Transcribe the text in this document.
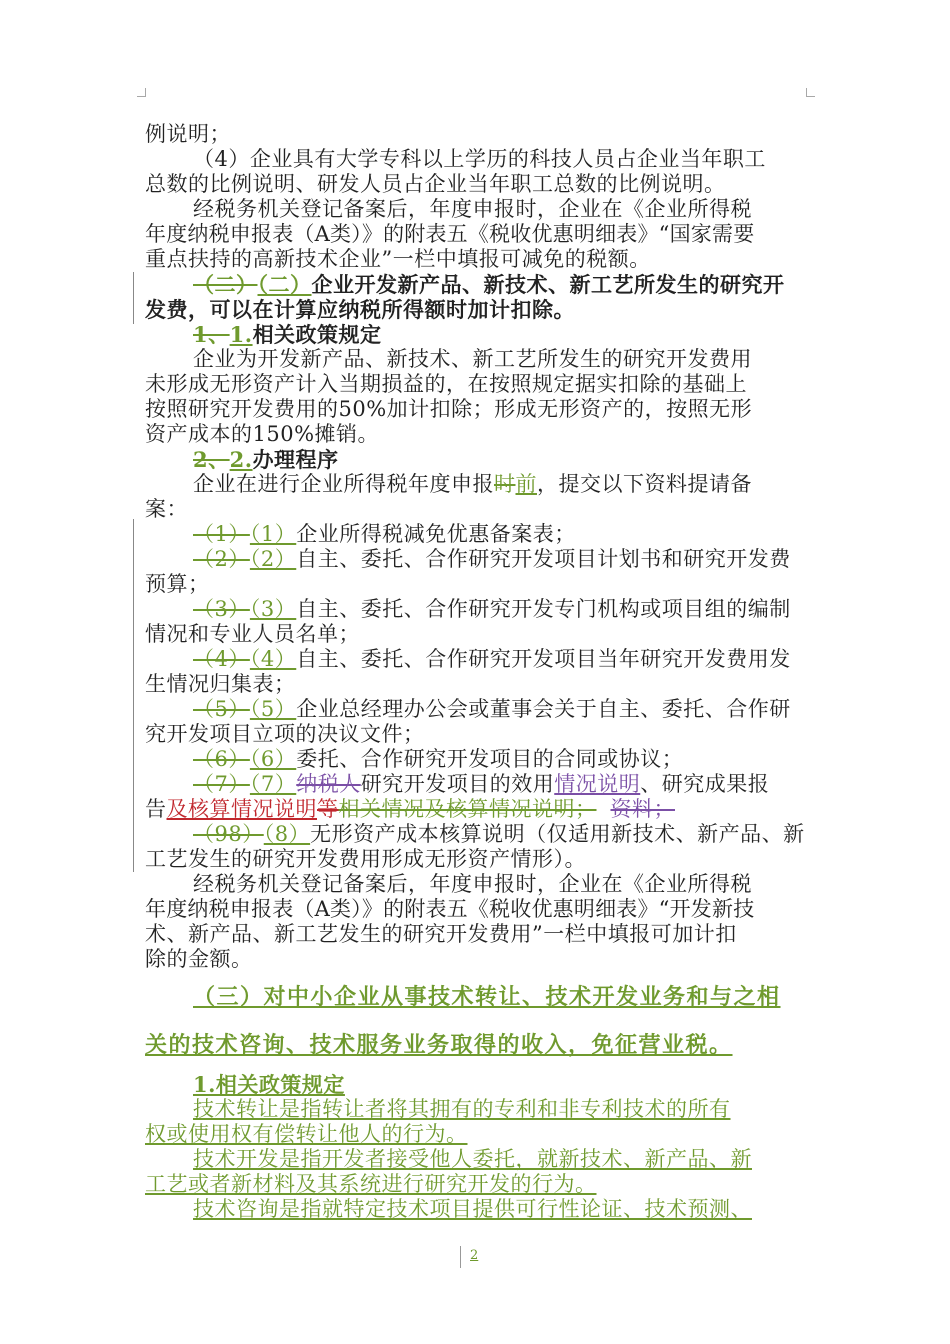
例说明；
（4）企业具有大学专科以上学历的科技人员占企业当年职工
总数的比例说明、研发人员占企业当年职工总数的比例说明。
经税务机关登记备案后，年度申报时，企业在《企业所得税
年度纳税申报表（A类）》的附表五《税收优惠明细表》“国家需要
重点扶持的高新技术企业”一栏中填报可减免的税额。
（二）（二）企业开发新产品、新技术、新工艺所发生的研究开
发费，可以在计算应纳税所得额时加计扣除。
1、1.相关政策规定
企业为开发新产品、新技术、新工艺所发生的研究开发费用
未形成无形资产计入当期损益的，在按照规定据实扣除的基础上
按照研究开发费用的50%加计扣除；形成无形资产的，按照无形
资产成本的150%摊销。
2、2.办理程序
企业在进行企业所得税年度申报时前，提交以下资料提请备
案：
（1）（1）企业所得税减免优惠备案表；
（2）（2）自主、委托、合作研究开发项目计划书和研究开发费
预算；
（3）（3）自主、委托、合作研究开发专门机构或项目组的编制
情况和专业人员名单；
（4）（4）自主、委托、合作研究开发项目当年研究开发费用发
生情况归集表；
（5）（5）企业总经理办公会或董事会关于自主、委托、合作研
究开发项目立项的决议文件；
（6）（6）委托、合作研究开发项目的合同或协议；
（7）（7）纳税人研究开发项目的效用情况说明、研究成果报
告及核算情况说明等相关情况及核算情况说明； 资料；
（98）（8）无形资产成本核算说明（仅适用新技术、新产品、新
工艺发生的研究开发费用形成无形资产情形）。
经税务机关登记备案后，年度申报时，企业在《企业所得税
年度纳税申报表（A类）》的附表五《税收优惠明细表》“开发新技
术、新产品、新工艺发生的研究开发费用”一栏中填报可加计扣
除的金额。
（三）对中小企业从事技术转让、技术开发业务和与之相
关的技术咨询、技术服务业务取得的收入，免征营业税。
1.相关政策规定
技术转让是指转让者将其拥有的专利和非专利技术的所有
权或使用权有偿转让他人的行为。
技术开发是指开发者接受他人委托，就新技术、新产品、新
工艺或者新材料及其系统进行研究开发的行为。
技术咨询是指就特定技术项目提供可行性论证、技术预测、
2
